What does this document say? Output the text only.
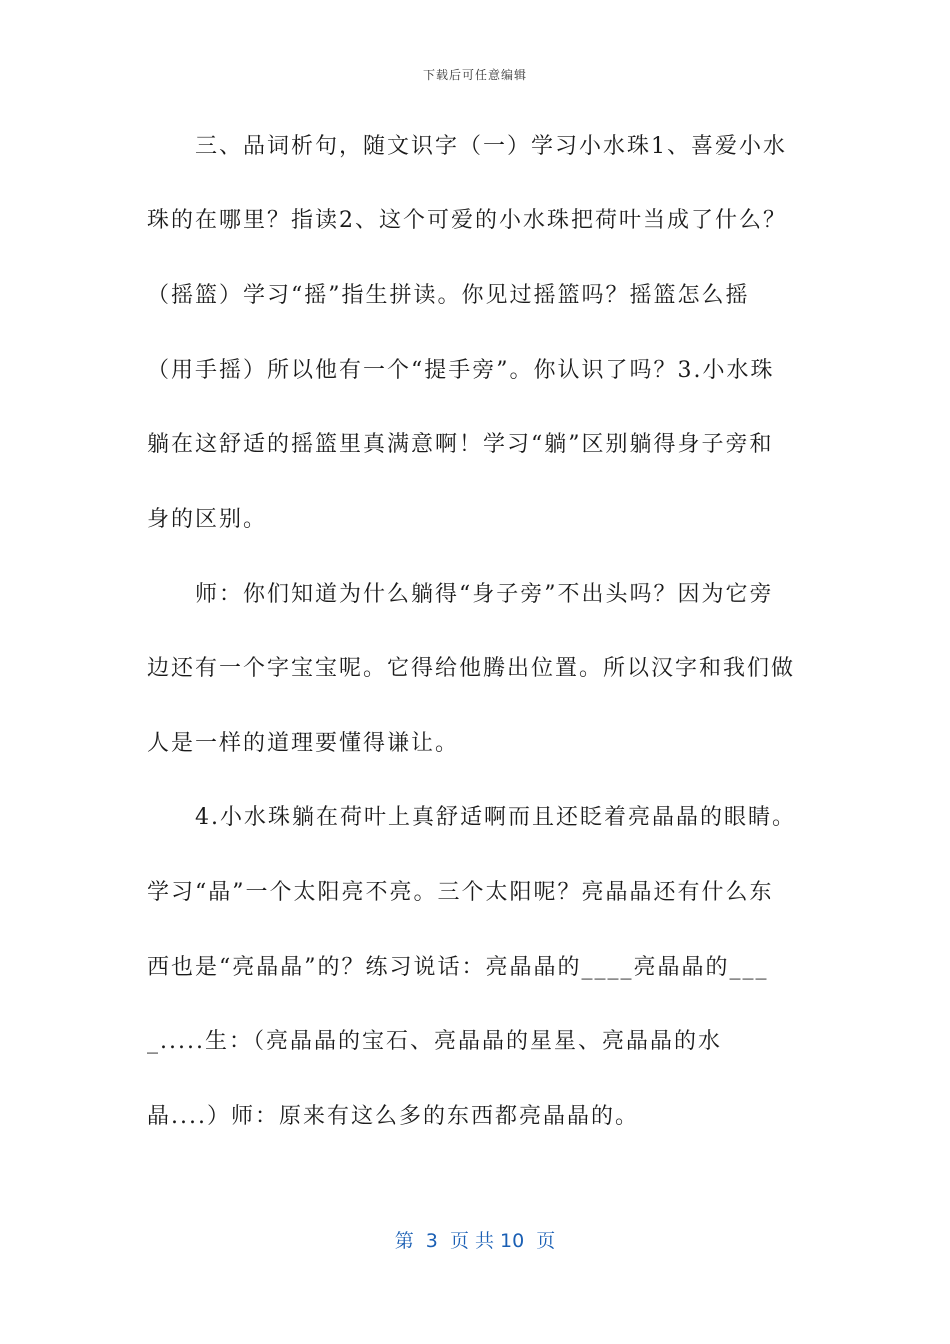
下载后可任意编辑
　　三、品词析句，随文识字（一）学习小水珠1、喜爱小水
珠的在哪里？指读2、这个可爱的小水珠把荷叶当成了什么？
（摇篮）学习“摇”指生拼读。你见过摇篮吗？摇篮怎么摇
（用手摇）所以他有一个“提手旁”。你认识了吗？3.小水珠
躺在这舒适的摇篮里真满意啊！学习“躺”区别躺得身子旁和
身的区别。
　　师：你们知道为什么躺得“身子旁”不出头吗？因为它旁
边还有一个字宝宝呢。它得给他腾出位置。所以汉字和我们做
人是一样的道理要懂得谦让。
　　4.小水珠躺在荷叶上真舒适啊而且还眨着亮晶晶的眼睛。
学习“晶”一个太阳亮不亮。三个太阳呢？亮晶晶还有什么东
西也是“亮晶晶”的？练习说话：亮晶晶的____亮晶晶的___
_.....生：（亮晶晶的宝石、亮晶晶的星星、亮晶晶的水
晶....）师：原来有这么多的东西都亮晶晶的。
第  3  页 共 10  页
